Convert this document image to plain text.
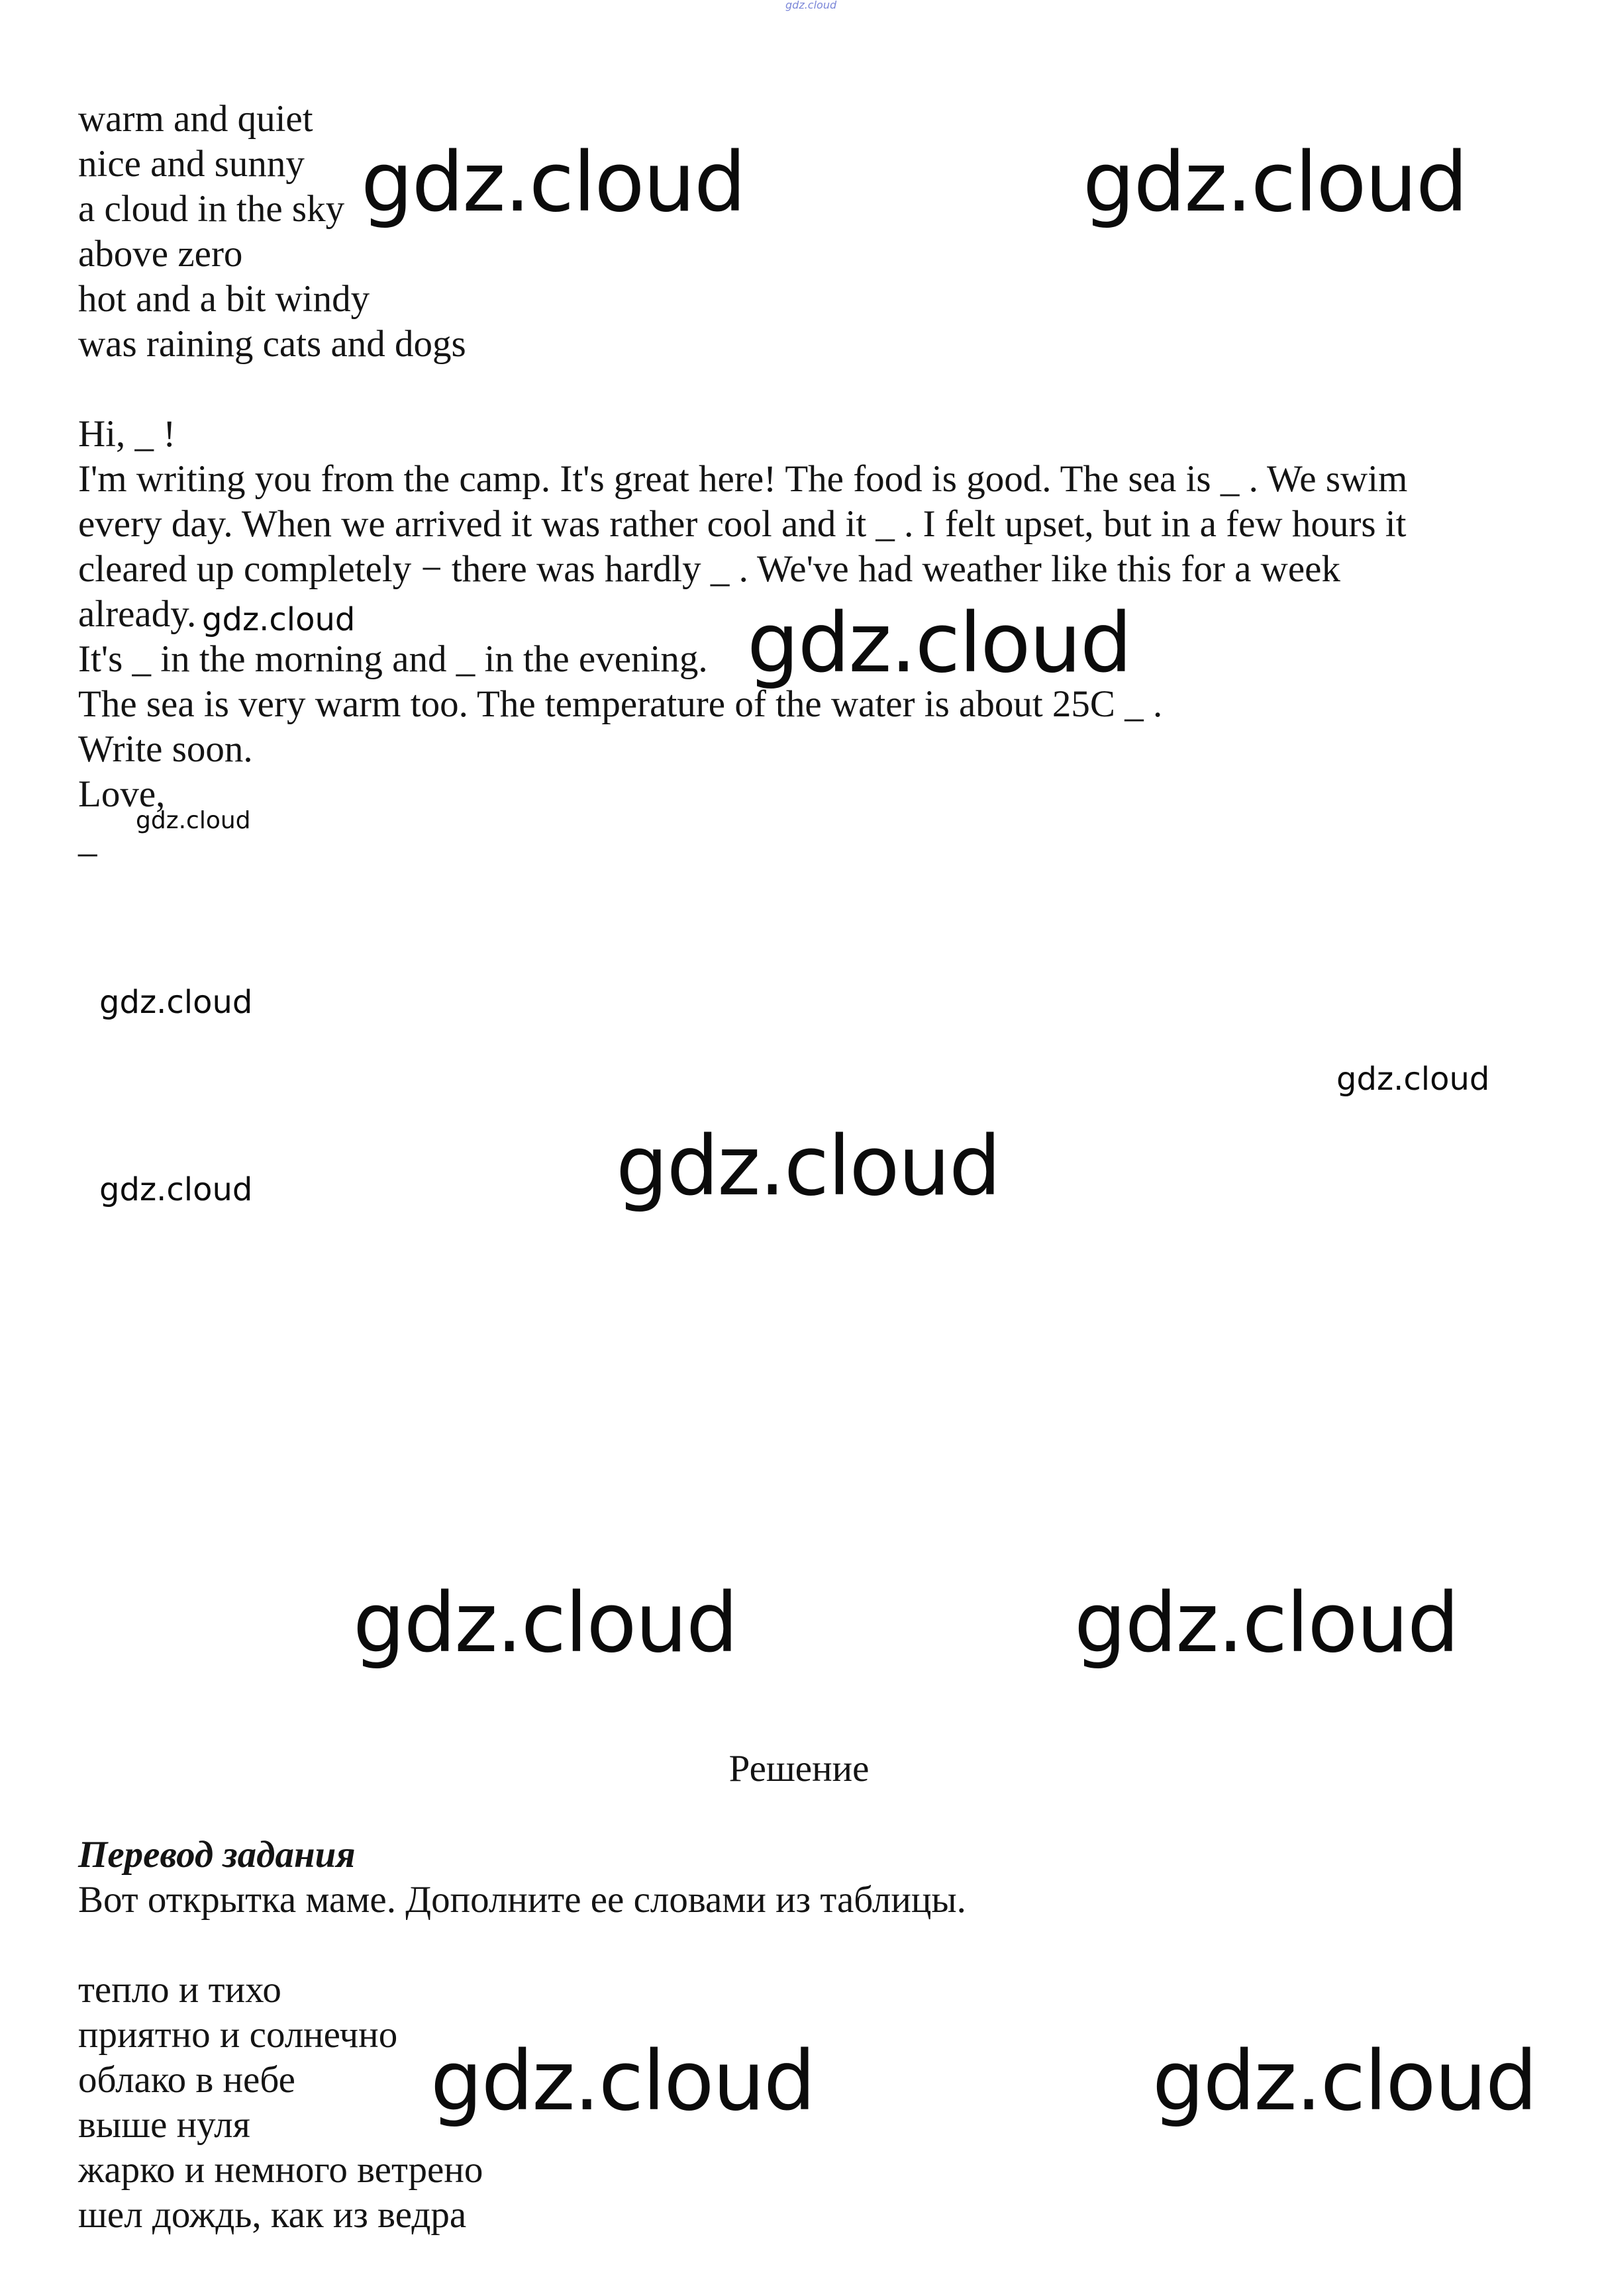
gdz.cloud

warm and quiet

nice and sunny

a cloud in the sky

above zero

hot and a bit windy

was raining cats and dogs

Hi, _ !

I'm writing you from the camp. It's great here! The food is good. The sea is _ . We swim

every day. When we arrived it was rather cool and it _ . I felt upset, but in a few hours it

cleared up completely − there was hardly _ . We've had weather like this for a week

already.

It's _ in the morning and _ in the evening.

The sea is very warm too. The temperature of the water is about 25C _ .

Write soon.

Love,

_

Решение

Перевод задания

Вот открытка маме. Дополните ее словами из таблицы.

тепло и тихо

приятно и солнечно

облако в небе

выше нуля

жарко и немного ветрено

шел дождь, как из ведра

gdz.cloud	gdz.cloud
gdz.cloud	gdz.cloud
gdz.cloud
gdz.cloud
gdz.cloud
gdz.cloud	gdz.cloud
gdz.cloud	gdz.cloud
gdz.cloud	gdz.cloud
